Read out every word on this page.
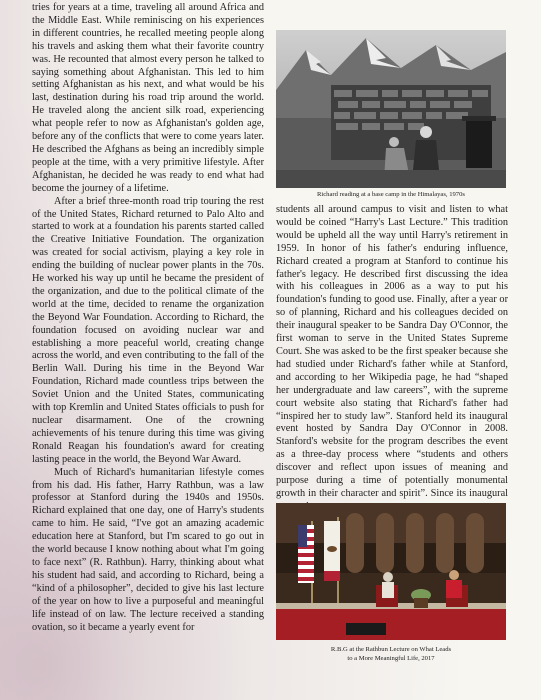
tries for years at a time, traveling all around Africa and the Middle East. While reminiscing on his experiences in different countries, he recalled meeting people along his travels and asking them what their favorite country was. He recounted that almost every person he talked to saying something about Afghanistan. This led to him setting Afghanistan as his next, and what would be his last, destination during his road trip around the world. He traveled along the ancient silk road, experiencing what people refer to now as Afghanistan's golden age, before any of the conflicts that were to come years later. He described the Afghans as being an incredibly simple people at the time, with a very primitive lifestyle. After Afghanistan, he decided he was ready to end what had become the journey of a lifetime.

After a brief three-month road trip touring the rest of the United States, Richard returned to Palo Alto and started to work at a foundation his parents started called the Creative Initiative Foundation. The organization was created for social activism, playing a key role in ending the building of nuclear power plants in the 70s. He worked his way up until he became the president of the organization, and due to the political climate of the world at the time, decided to rename the organization the Beyond War Foundation. According to Richard, the foundation focused on avoiding nuclear war and establishing a more peaceful world, creating change across the world, and even contributing to the fall of the Berlin Wall. During his time in the Beyond War Foundation, Richard made countless trips between the Soviet Union and the United States, communicating with top Kremlin and United States officials to push for nuclear disarmament. One of the crowning achievements of his tenure during this time was giving Ronald Reagan his foundation's award for creating lasting peace in the world, the Beyond War Award.

Much of Richard's humanitarian lifestyle comes from his dad. His father, Harry Rathbun, was a law professor at Stanford during the 1940s and 1950s. Richard explained that one day, one of Harry's students came to him. He said, “I've got an amazing academic education here at Stanford, but I'm scared to go out in the world because I know nothing about what I'm going to face next” (R. Rathbun). Harry, thinking about what his student had said, and according to Richard, being a “kind of a philosopher”, decided to give his last lecture of the year on how to live a purposeful and meaningful life instead of on law. The lecture received a standing ovation, so it became a yearly event for

Richard reading at a base camp in the Himalayas, 1970s

students all around campus to visit and listen to what would be coined “Harry's Last Lecture.” This tradition would be upheld all the way until Harry's retirement in 1959. In honor of his father's enduring influence, Richard created a program at Stanford to continue his father's legacy. He described first discussing the idea with his colleagues in 2006 as a way to put his foundation's funding to good use. Finally, after a year or so of planning, Richard and his colleagues decided on their inaugural speaker to be Sandra Day O'Connor, the first woman to serve in the United States Supreme Court. She was asked to be the first speaker because she had studied under Richard's father while at Stanford, and according to her Wikipedia page, he had “shaped her undergraduate and law careers”, with the supreme court website also stating that Richard's father had “inspired her to study law”. Stanford held its inaugural event hosted by Sandra Day O'Connor in 2008. Stanford's website for the program describes the event as a three-day process where “students and others discover and reflect upon issues of meaning and purpose during a time of potentially monumental growth in their character and spirit”. Since its inaugural

R.B.G at the Rathbun Lecture on What Leads
to a More Meaningful Life, 2017
